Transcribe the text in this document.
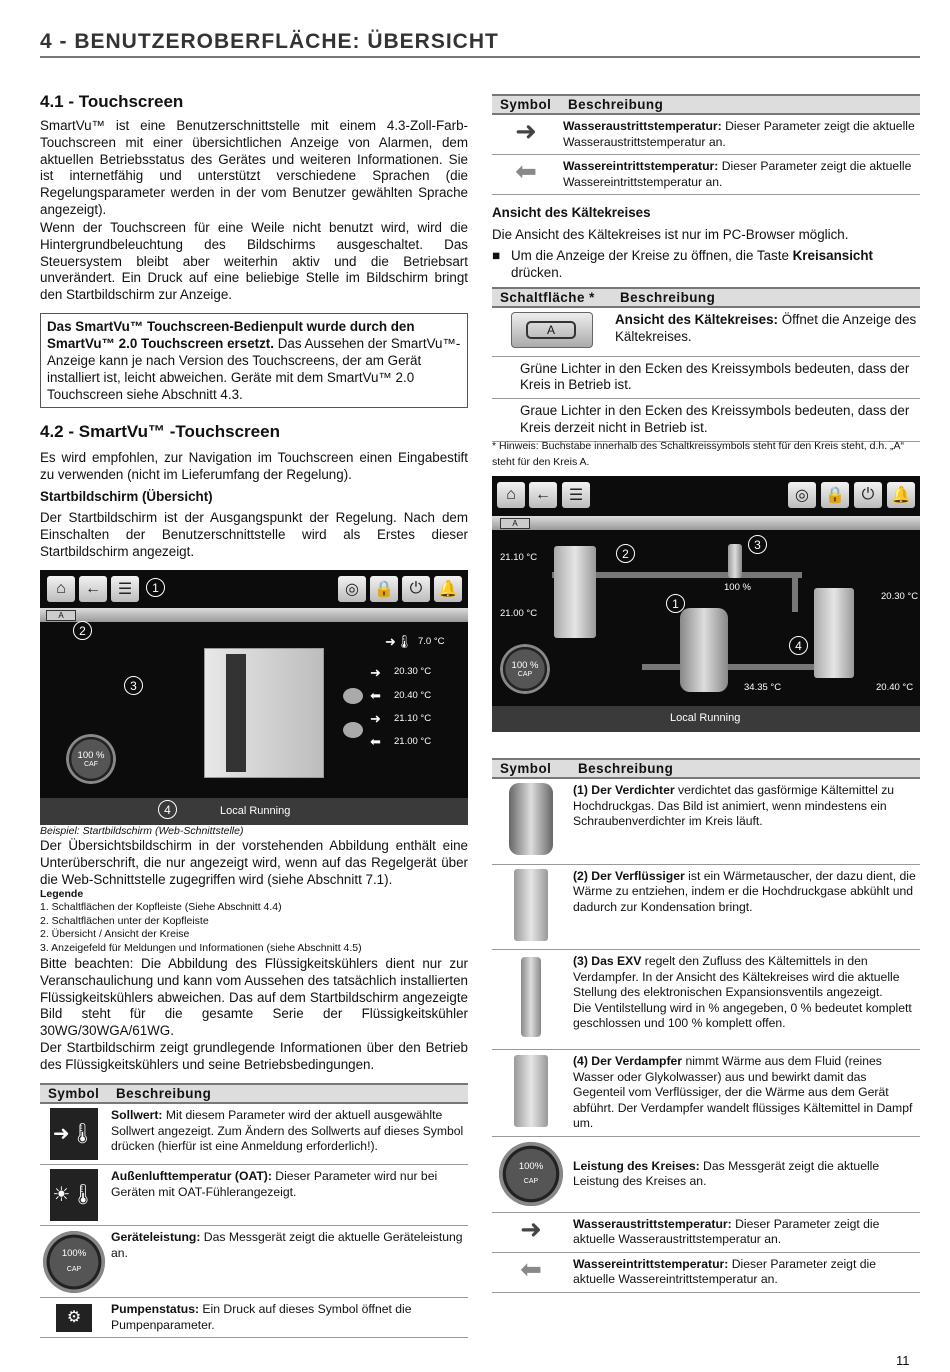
4 - BENUTZEROBERFLÄCHE: ÜBERSICHT
4.1 - Touchscreen

SmartVu™ ist eine Benutzerschnittstelle mit einem 4.3-Zoll-Farb-Touchscreen mit einer übersichtlichen Anzeige von Alarmen, dem aktuellen Betriebsstatus des Gerätes und weiteren Informationen. Sie ist internetfähig und unterstützt verschiedene Sprachen (die Regelungsparameter werden in der vom Benutzer gewählten Sprache angezeigt).

Wenn der Touchscreen für eine Weile nicht benutzt wird, wird die Hintergrundbeleuchtung des Bildschirms ausgeschaltet. Das Steuersystem bleibt aber weiterhin aktiv und die Betriebsart unverändert. Ein Druck auf eine beliebige Stelle im Bildschirm bringt den Startbildschirm zur Anzeige.

Das SmartVu™ Touchscreen-Bedienpult wurde durch den SmartVu™ 2.0 Touchscreen ersetzt. Das Aussehen der SmartVu™-Anzeige kann je nach Version des Touchscreens, der am Gerät installiert ist, leicht abweichen. Geräte mit dem SmartVu™ 2.0 Touchscreen siehe Abschnitt 4.3.
4.2 - SmartVu™ -Touchscreen

Es wird empfohlen, zur Navigation im Touchscreen einen Eingabestift zu verwenden (nicht im Lieferumfang der Regelung).

Startbildschirm (Übersicht)

Der Startbildschirm ist der Ausgangspunkt der Regelung. Nach dem Einschalten der Benutzerschnittstelle wird als Erstes dieser Startbildschirm angezeigt.

⌂	←	☰	1	◎ 🔒 ⏻ 🔔
A
2
3
➜🌡 7.0 °C
➜ 20.30 °C
⬅ 20.40 °C
➜ 21.10 °C
⬅ 21.00 °C
100 %
CAF
4	Local Running
Beispiel: Startbildschirm (Web-Schnittstelle)

Der Übersichtsbildschirm in der vorstehenden Abbildung enthält eine Unterüberschrift, die nur angezeigt wird, wenn auf das Regelgerät über die Web-Schnittstelle zugegriffen wird (siehe Abschnitt 7.1).

Legende
1. Schaltflächen der Kopfleiste (Siehe Abschnitt 4.4)
2. Schaltflächen unter der Kopfleiste
2. Übersicht / Ansicht der Kreise
3. Anzeigefeld für Meldungen und Informationen (siehe Abschnitt 4.5)

Bitte beachten: Die Abbildung des Flüssigkeitskühlers dient nur zur Veranschaulichung und kann vom Aussehen des tatsächlich installierten Flüssigkeitskühlers abweichen. Das auf dem Startbildschirm angezeigte Bild steht für die gesamte Serie der Flüssigkeitskühler 30WG/30WGA/61WG.

Der Startbildschirm zeigt grundlegende Informationen über den Betrieb des Flüssigkeitskühlers und seine Betriebsbedingungen.

Symbol	Beschreibung
➜🌡	Sollwert: Mit diesem Parameter wird der aktuell ausgewählte Sollwert angezeigt. Zum Ändern des Sollwerts auf dieses Symbol drücken (hierfür ist eine Anmeldung erforderlich!).
☀🌡	Außenlufttemperatur (OAT): Dieser Parameter wird nur bei Geräten mit OAT-Fühlerangezeigt.

100%
CAP	Geräteleistung: Das Messgerät zeigt die aktuelle Geräteleistung an.
⚙	Pumpenstatus: Ein Druck auf dieses Symbol öffnet die Pumpenparameter.
Symbol	Beschreibung
➜	Wasseraustrittstemperatur: Dieser Parameter zeigt die aktuelle Wasseraustrittstemperatur an.
⬅	Wassereintrittstemperatur: Dieser Parameter zeigt die aktuelle Wassereintrittstemperatur an.
Ansicht des Kältekreises

Die Ansicht des Kältekreises ist nur im PC-Browser möglich.

■ Um die Anzeige der Kreise zu öffnen, die Taste Kreisansicht drücken.
Schaltfläche *	Beschreibung

A	Ansicht des Kältekreises: Öffnet die Anzeige des Kältekreises.
Grüne Lichter in den Ecken des Kreissymbols bedeuten, dass der Kreis in Betrieb ist.	
Graue Lichter in den Ecken des Kreissymbols bedeuten, dass der Kreis derzeit nicht in Betrieb ist.	
* Hinweis: Buchstabe innerhalb des Schaltkreissymbols steht für den Kreis steht, d.h. „A“ steht für den Kreis A.
⌂	←	☰	◎	🔒	⏻	🔔
A
2
3
100 %
1
4
21.10 °C
21.00 °C
20.30 °C
34.35 °C	20.40 °C
100 %
CAP
Local Running
Symbol	Beschreibung
	(1) Der Verdichter verdichtet das gasförmige Kältemittel zu Hochdruckgas. Das Bild ist animiert, wenn mindestens ein Schraubenverdichter im Kreis läuft.
	(2) Der Verflüssiger ist ein Wärmetauscher, der dazu dient, die Wärme zu entziehen, indem er die Hochdruckgase abkühlt und dadurch zur Kondensation bringt.
	(3) Das EXV regelt den Zufluss des Kältemittels in den Verdampfer. In der Ansicht des Kältekreises wird die aktuelle Stellung des elektronischen Expansionsventils angezeigt.
Die Ventilstellung wird in % angegeben, 0 % bedeutet komplett geschlossen und 100 % komplett offen.
	(4) Der Verdampfer nimmt Wärme aus dem Fluid (reines Wasser oder Glykolwasser) aus und bewirkt damit das Gegenteil vom Verflüssiger, der die Wärme aus dem Gerät abführt. Der Verdampfer wandelt flüssiges Kältemittel in Dampf um.

100%
CAP	Leistung des Kreises: Das Messgerät zeigt die aktuelle Leistung des Kreises an.
➜	Wasseraustrittstemperatur: Dieser Parameter zeigt die aktuelle Wasseraustrittstemperatur an.
⬅	Wassereintrittstemperatur: Dieser Parameter zeigt die aktuelle Wassereintrittstemperatur an.
11
